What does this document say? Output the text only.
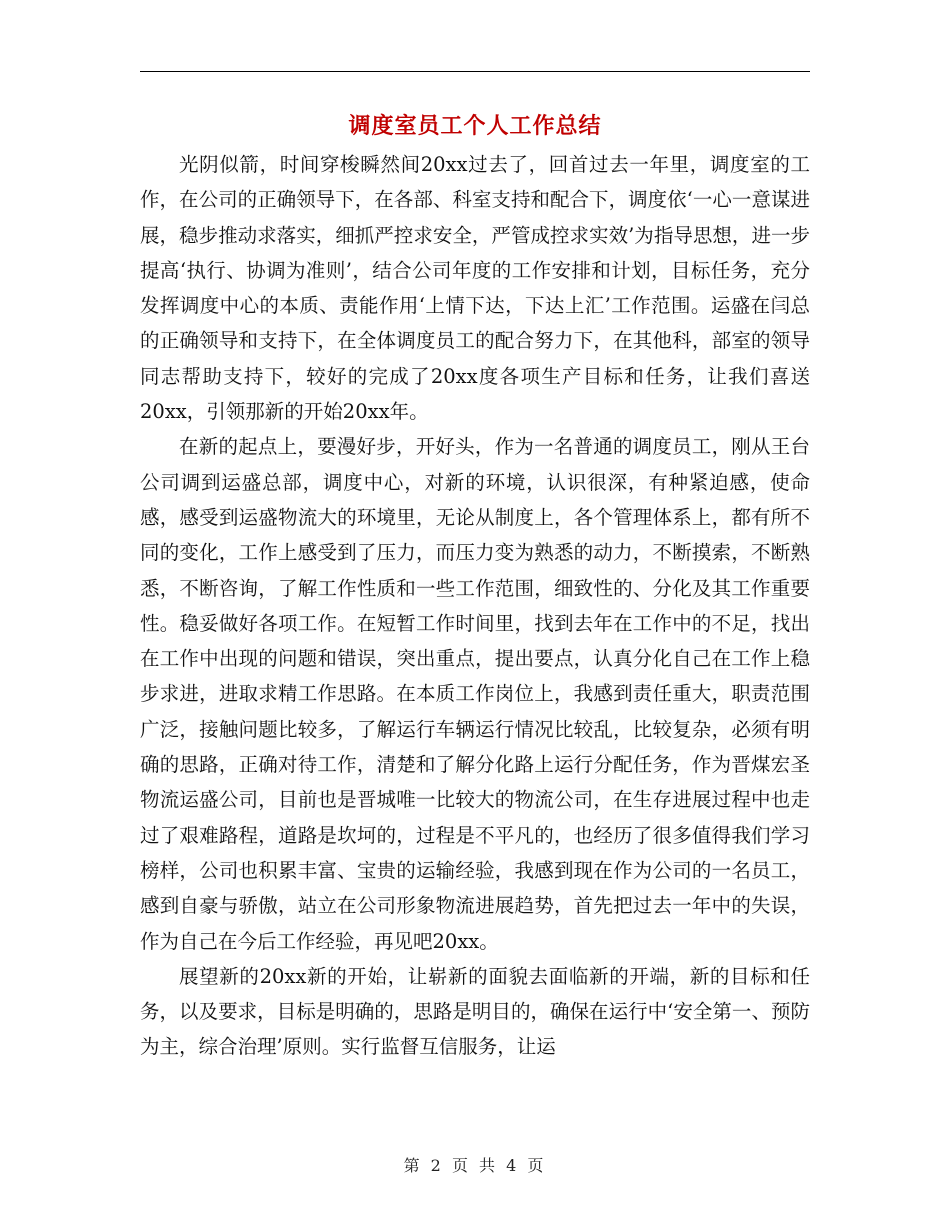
调度室员工个人工作总结

光阴似箭，时间穿梭瞬然间20xx过去了，回首过去一年里，调度室的工作，在公司的正确领导下，在各部、科室支持和配合下，调度依‘一心一意谋进展，稳步推动求落实，细抓严控求安全，严管成控求实效’为指导思想，进一步提高‘执行、协调为准则’，结合公司年度的工作安排和计划，目标任务，充分发挥调度中心的本质、责能作用‘上情下达，下达上汇’工作范围。运盛在闫总的正确领导和支持下，在全体调度员工的配合努力下，在其他科，部室的领导同志帮助支持下，较好的完成了20xx度各项生产目标和任务，让我们喜送20xx，引领那新的开始20xx年。

在新的起点上，要漫好步，开好头，作为一名普通的调度员工，刚从王台公司调到运盛总部，调度中心，对新的环境，认识很深，有种紧迫感，使命感，感受到运盛物流大的环境里，无论从制度上，各个管理体系上，都有所不同的变化，工作上感受到了压力，而压力变为熟悉的动力，不断摸索，不断熟悉，不断咨询，了解工作性质和一些工作范围，细致性的、分化及其工作重要性。稳妥做好各项工作。在短暂工作时间里，找到去年在工作中的不足，找出在工作中出现的问题和错误，突出重点，提出要点，认真分化自己在工作上稳步求进，进取求精工作思路。在本质工作岗位上，我感到责任重大，职责范围广泛，接触问题比较多，了解运行车辆运行情况比较乱，比较复杂，必须有明确的思路，正确对待工作，清楚和了解分化路上运行分配任务，作为晋煤宏圣物流运盛公司，目前也是晋城唯一比较大的物流公司，在生存进展过程中也走过了艰难路程，道路是坎坷的，过程是不平凡的，也经历了很多值得我们学习榜样，公司也积累丰富、宝贵的运输经验，我感到现在作为公司的一名员工，感到自豪与骄傲，站立在公司形象物流进展趋势，首先把过去一年中的失误，作为自己在今后工作经验，再见吧20xx。

展望新的20xx新的开始，让崭新的面貌去面临新的开端，新的目标和任务，以及要求，目标是明确的，思路是明目的，确保在运行中‘安全第一、预防为主，综合治理’原则。实行监督互信服务，让运

第 2 页 共 4 页
